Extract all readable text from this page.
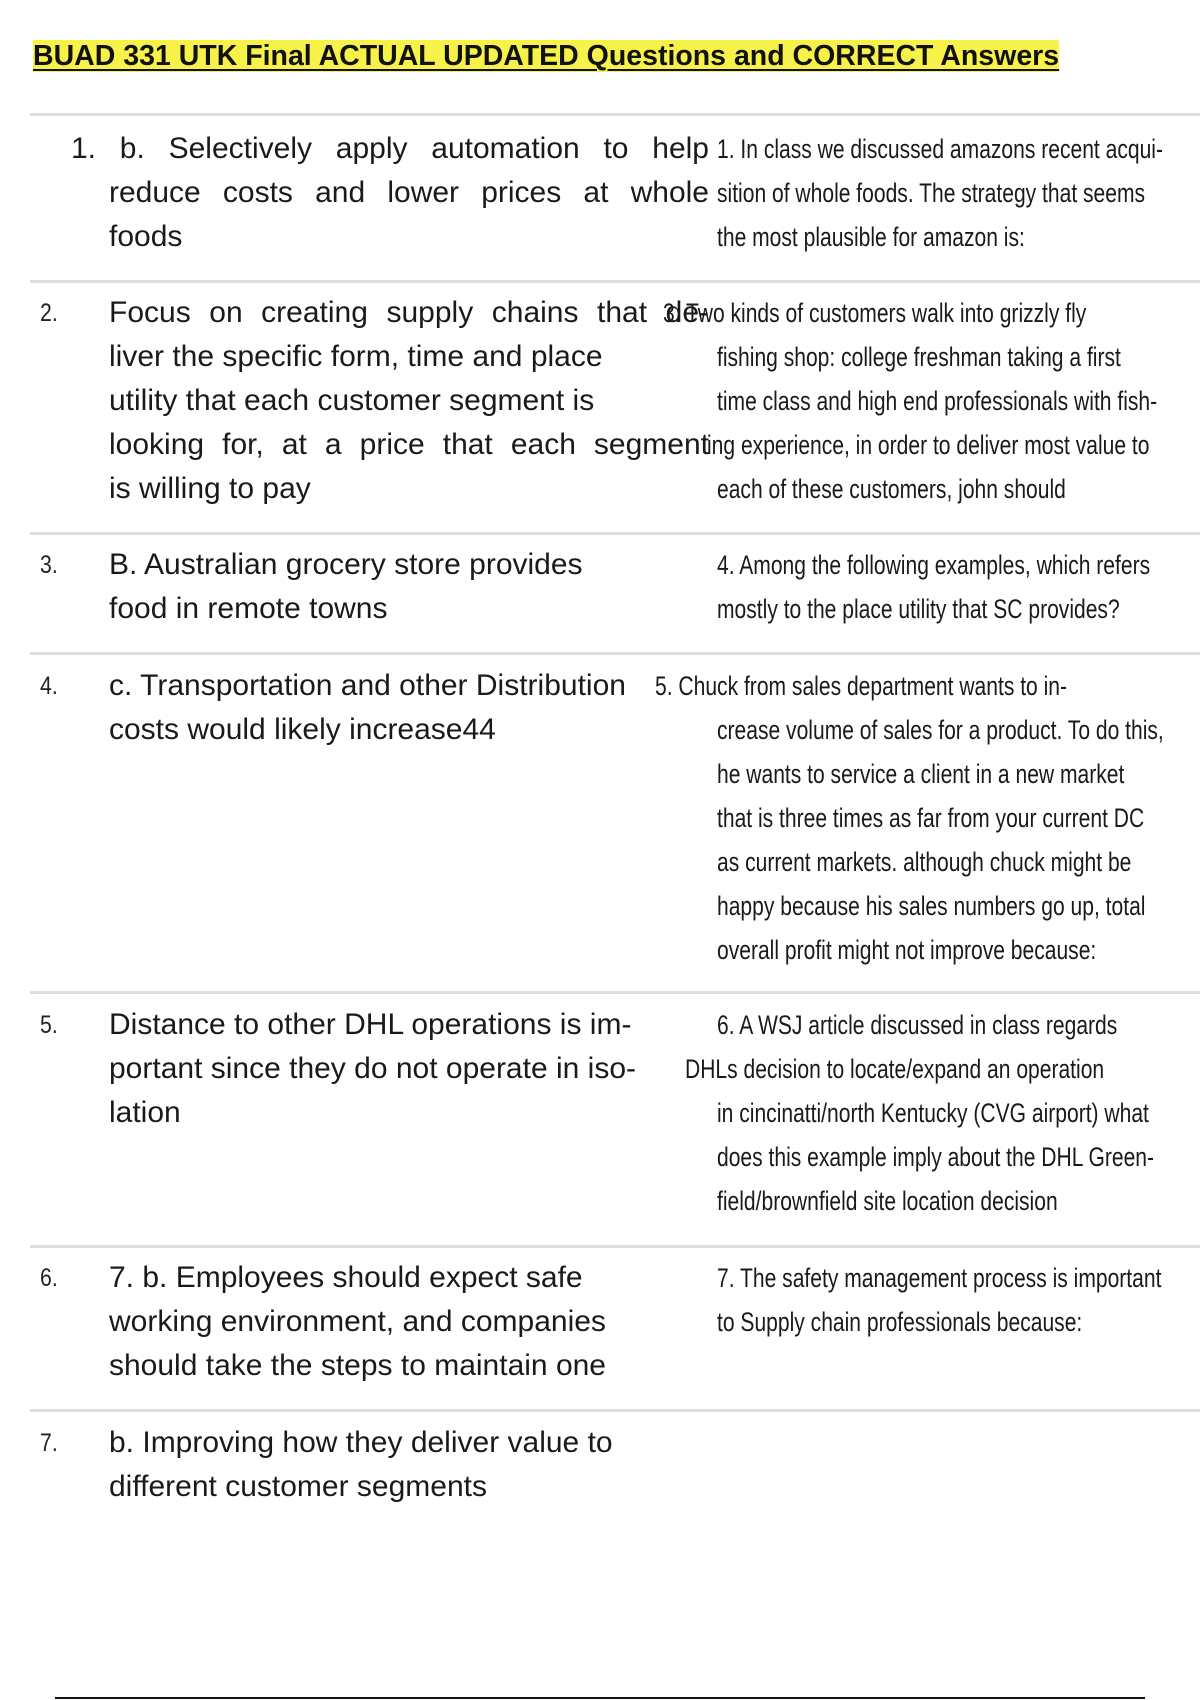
BUAD 331 UTK Final ACTUAL UPDATED Questions and CORRECT Answers
1. b. Selectively apply automation to help
reduce costs and lower prices at whole
foods
1. In class we discussed amazons recent acqui-
sition of whole foods. The strategy that seems
the most plausible for amazon is:
2. Focus on creating supply chains that de-
liver the specific form, time and place
utility that each customer segment is
looking for, at a price that each segment
is willing to pay
3. Two kinds of customers walk into grizzly fly
fishing shop: college freshman taking a first
time class and high end professionals with fish-
ing experience, in order to deliver most value to
each of these customers, john should
3. B. Australian grocery store provides
food in remote towns
4. Among the following examples, which refers
mostly to the place utility that SC provides?
4. c. Transportation and other Distribution
costs would likely increase44
5. Chuck from sales department wants to in-
crease volume of sales for a product. To do this,
he wants to service a client in a new market
that is three times as far from your current DC
as current markets. although chuck might be
happy because his sales numbers go up, total
overall profit might not improve because:
5. Distance to other DHL operations is im-
portant since they do not operate in iso-
lation
6. A WSJ article discussed in class regards
DHLs decision to locate/expand an operation
in cincinatti/north Kentucky (CVG airport) what
does this example imply about the DHL Green-
field/brownfield site location decision
6. 7. b. Employees should expect safe
working environment, and companies
should take the steps to maintain one
7. The safety management process is important
to Supply chain professionals because:
7. b. Improving how they deliver value to
different customer segments
